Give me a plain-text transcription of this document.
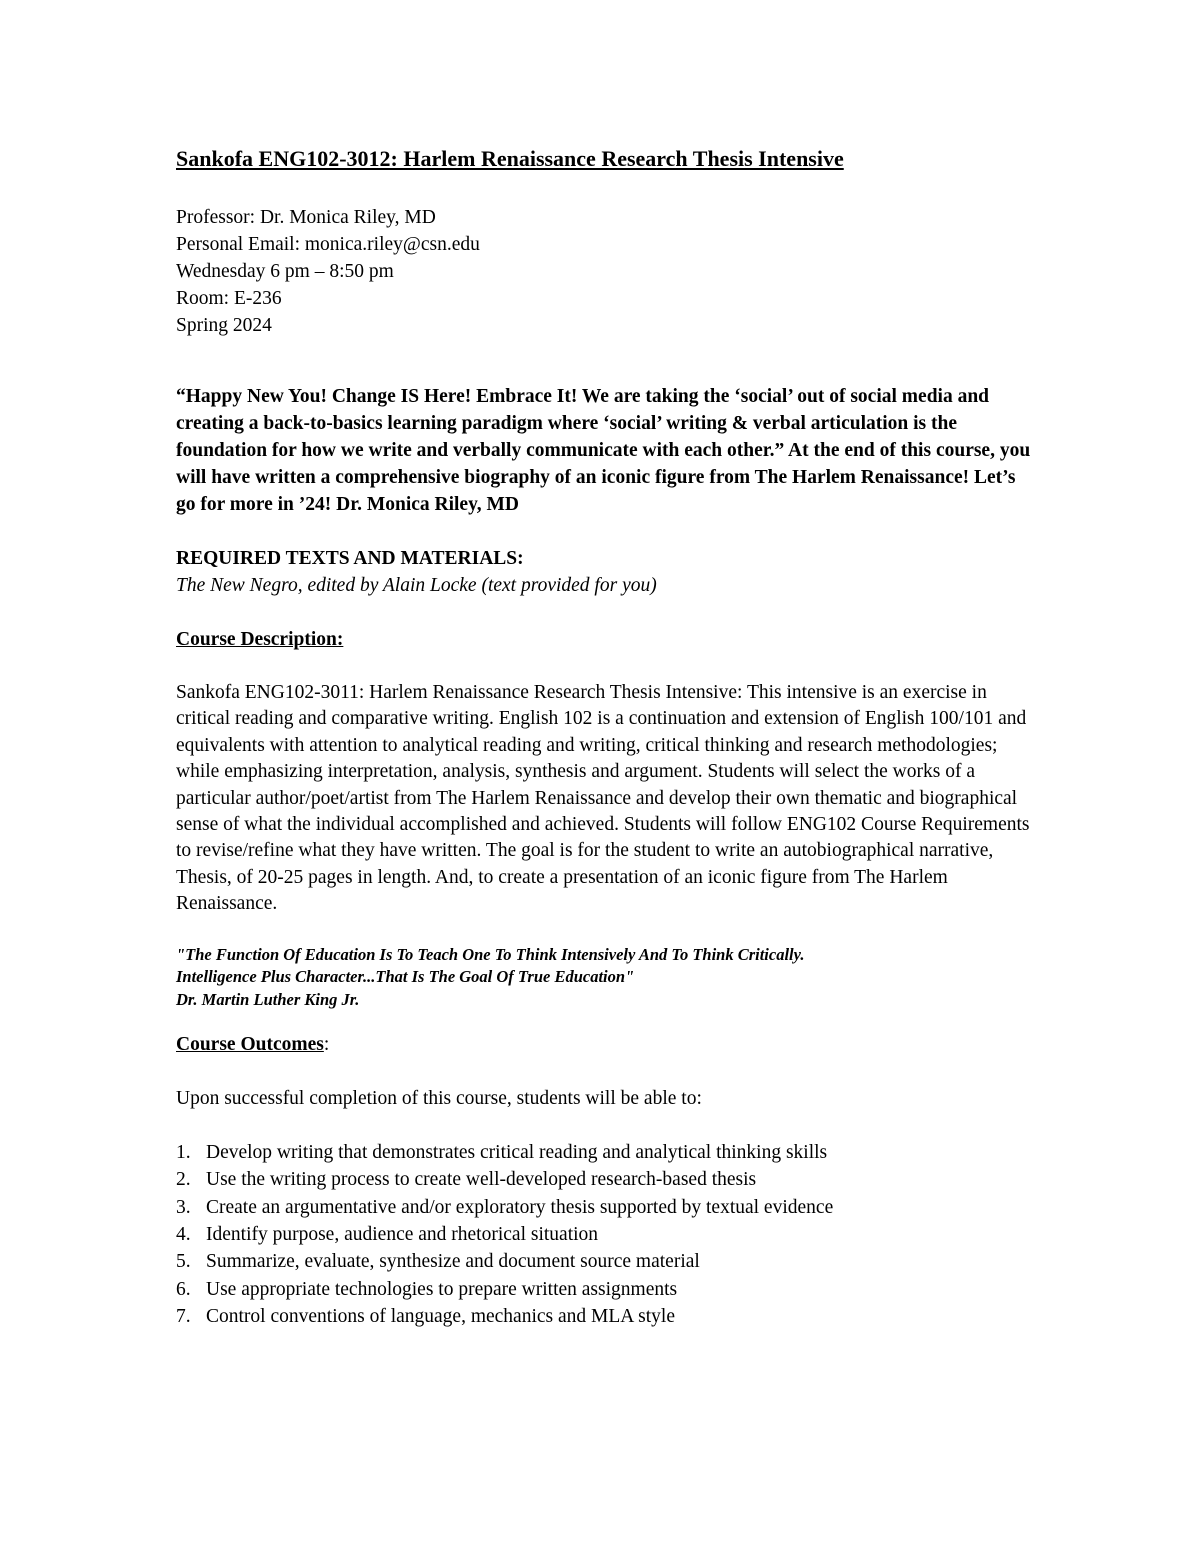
Sankofa ENG102-3012: Harlem Renaissance Research Thesis Intensive
Professor: Dr. Monica Riley, MD
Personal Email: monica.riley@csn.edu
Wednesday 6 pm – 8:50 pm
Room: E-236
Spring 2024
“Happy New You! Change IS Here! Embrace It! We are taking the ‘social’ out of social media and creating a back-to-basics learning paradigm where ‘social’ writing & verbal articulation is the foundation for how we write and verbally communicate with each other.” At the end of this course, you will have written a comprehensive biography of an iconic figure from The Harlem Renaissance! Let’s go for more in ’24! Dr. Monica Riley, MD
REQUIRED TEXTS AND MATERIALS:
The New Negro, edited by Alain Locke (text provided for you)
Course Description:
Sankofa ENG102-3011: Harlem Renaissance Research Thesis Intensive: This intensive is an exercise in critical reading and comparative writing. English 102 is a continuation and extension of English 100/101 and equivalents with attention to analytical reading and writing, critical thinking and research methodologies; while emphasizing interpretation, analysis, synthesis and argument. Students will select the works of a particular author/poet/artist from The Harlem Renaissance and develop their own thematic and biographical sense of what the individual accomplished and achieved. Students will follow ENG102 Course Requirements to revise/refine what they have written. The goal is for the student to write an autobiographical narrative, Thesis, of 20-25 pages in length. And, to create a presentation of an iconic figure from The Harlem Renaissance.
"The Function Of Education Is To Teach One To Think Intensively And To Think Critically.
Intelligence Plus Character...That Is The Goal Of True Education"
Dr. Martin Luther King Jr.
Course Outcomes:
Upon successful completion of this course, students will be able to:
1. Develop writing that demonstrates critical reading and analytical thinking skills
2. Use the writing process to create well-developed research-based thesis
3. Create an argumentative and/or exploratory thesis supported by textual evidence
4. Identify purpose, audience and rhetorical situation
5. Summarize, evaluate, synthesize and document source material
6. Use appropriate technologies to prepare written assignments
7. Control conventions of language, mechanics and MLA style
